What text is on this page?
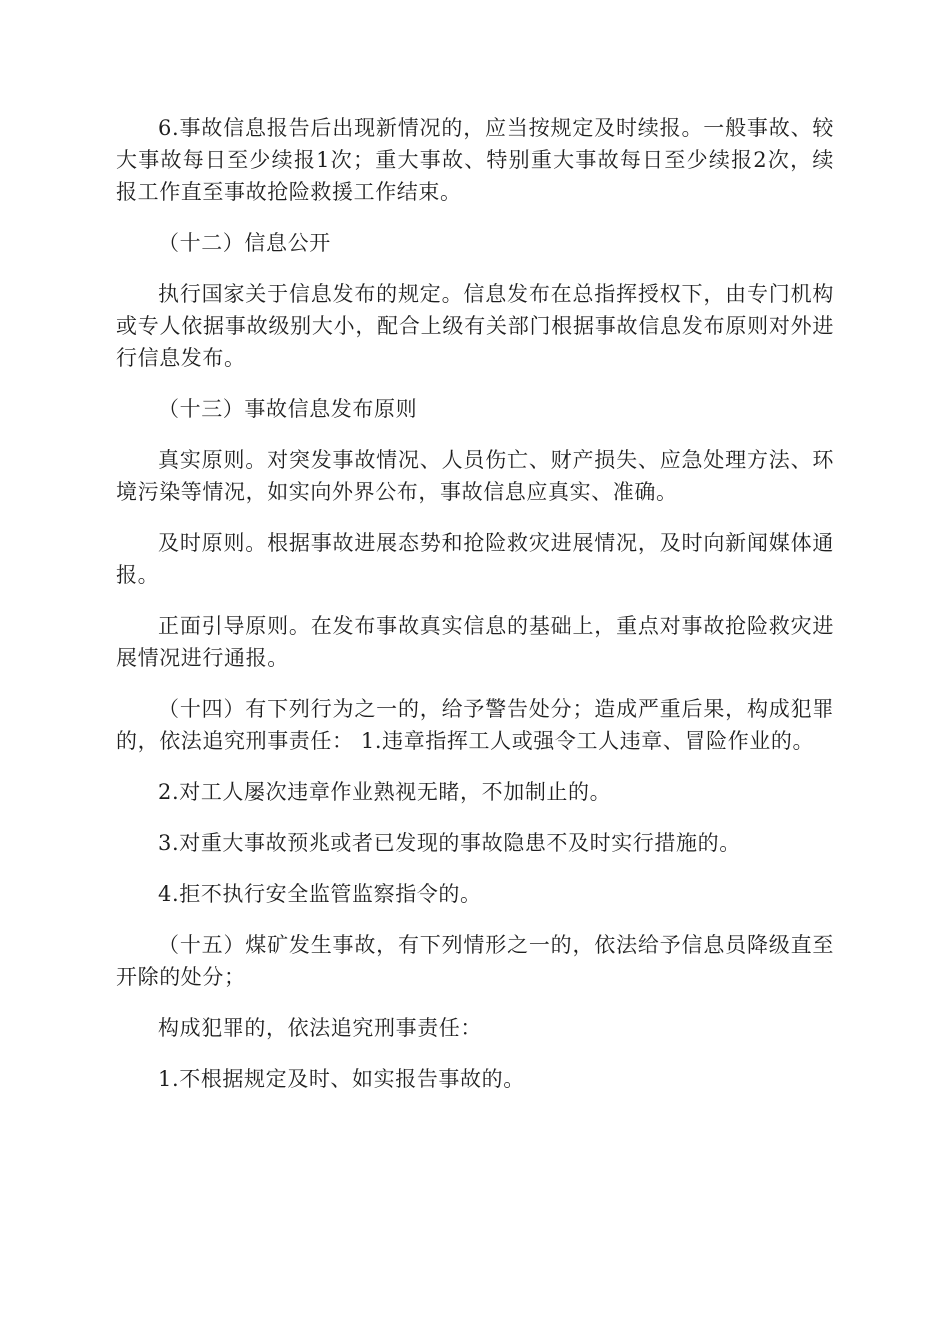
6.事故信息报告后出现新情况的，应当按规定及时续报。一般事故、较大事故每日至少续报1次；重大事故、特别重大事故每日至少续报2次，续报工作直至事故抢险救援工作结束。

（十二）信息公开

执行国家关于信息发布的规定。信息发布在总指挥授权下，由专门机构或专人依据事故级别大小，配合上级有关部门根据事故信息发布原则对外进行信息发布。

（十三）事故信息发布原则

真实原则。对突发事故情况、人员伤亡、财产损失、应急处理方法、环境污染等情况，如实向外界公布，事故信息应真实、准确。

及时原则。根据事故进展态势和抢险救灾进展情况，及时向新闻媒体通报。

正面引导原则。在发布事故真实信息的基础上，重点对事故抢险救灾进展情况进行通报。

（十四）有下列行为之一的，给予警告处分；造成严重后果，构成犯罪的，依法追究刑事责任： 1.违章指挥工人或强令工人违章、冒险作业的。

2.对工人屡次违章作业熟视无睹，不加制止的。

3.对重大事故预兆或者已发现的事故隐患不及时实行措施的。

4.拒不执行安全监管监察指令的。

（十五）煤矿发生事故，有下列情形之一的，依法给予信息员降级直至开除的处分；

构成犯罪的，依法追究刑事责任：

1.不根据规定及时、如实报告事故的。
